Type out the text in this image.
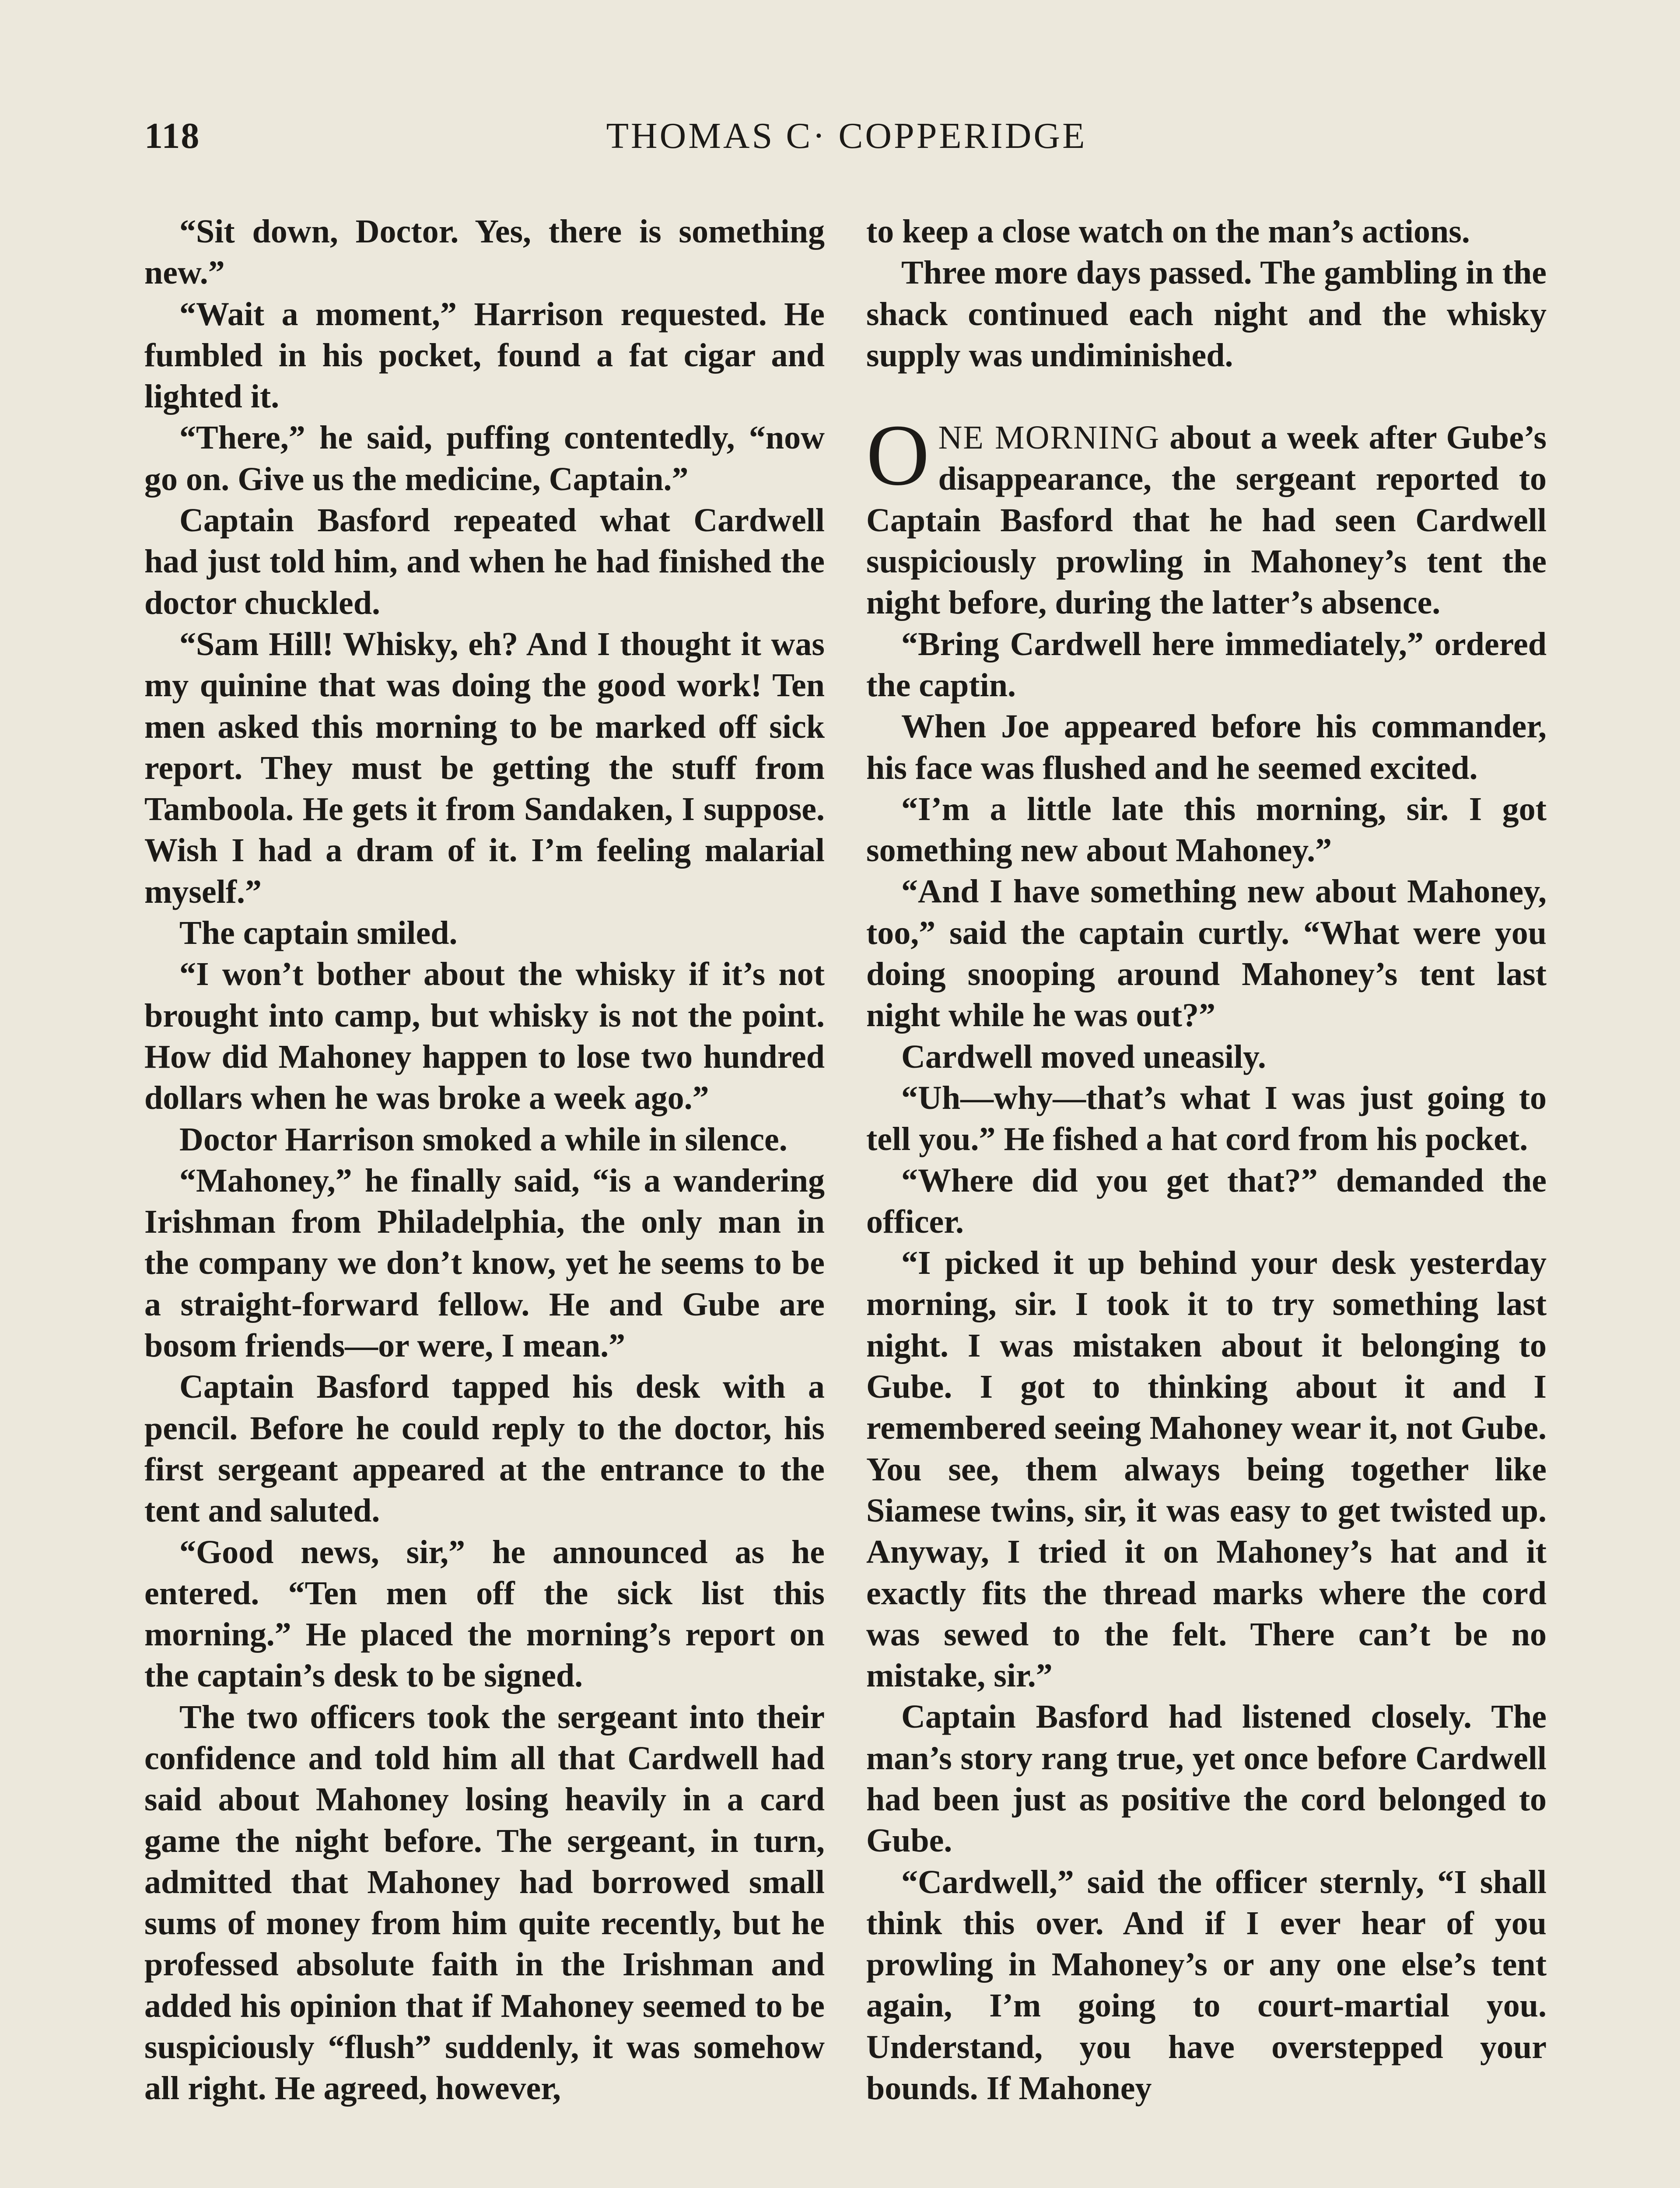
118	THOMAS C· COPPERIDGE

“Sit down, Doctor. Yes, there is something new.”

“Wait a moment,” Harrison requested. He fumbled in his pocket, found a fat cigar and lighted it.

“There,” he said, puffing contentedly, “now go on. Give us the medicine, Captain.”

Captain Basford repeated what Cardwell had just told him, and when he had finished the doctor chuckled.

“Sam Hill! Whisky, eh? And I thought it was my quinine that was doing the good work! Ten men asked this morning to be marked off sick report. They must be getting the stuff from Tamboola. He gets it from Sandaken, I suppose. Wish I had a dram of it. I’m feeling malarial myself.”

The captain smiled.

“I won’t bother about the whisky if it’s not brought into camp, but whisky is not the point. How did Mahoney happen to lose two hundred dollars when he was broke a week ago.”

Doctor Harrison smoked a while in silence.

“Mahoney,” he finally said, “is a wandering Irishman from Philadelphia, the only man in the company we don’t know, yet he seems to be a straight-forward fellow. He and Gube are bosom friends—or were, I mean.”

Captain Basford tapped his desk with a pencil. Before he could reply to the doctor, his first sergeant appeared at the entrance to the tent and saluted.

“Good news, sir,” he announced as he entered. “Ten men off the sick list this morning.” He placed the morning’s report on the captain’s desk to be signed.

The two officers took the sergeant into their confidence and told him all that Cardwell had said about Mahoney losing heavily in a card game the night before. The sergeant, in turn, admitted that Mahoney had borrowed small sums of money from him quite recently, but he professed absolute faith in the Irishman and added his opinion that if Mahoney seemed to be suspiciously “flush” suddenly, it was somehow all right. He agreed, however,

to keep a close watch on the man’s actions.

Three more days passed. The gambling in the shack continued each night and the whisky supply was undiminished.

ONE MORNING about a week after Gube’s disappearance, the sergeant reported to Captain Basford that he had seen Cardwell suspiciously prowling in Mahoney’s tent the night before, during the latter’s absence.

“Bring Cardwell here immediately,” ordered the captin.

When Joe appeared before his commander, his face was flushed and he seemed excited.

“I’m a little late this morning, sir. I got something new about Mahoney.”

“And I have something new about Mahoney, too,” said the captain curtly. “What were you doing snooping around Mahoney’s tent last night while he was out?”

Cardwell moved uneasily.

“Uh—why—that’s what I was just going to tell you.” He fished a hat cord from his pocket.

“Where did you get that?” demanded the officer.

“I picked it up behind your desk yesterday morning, sir. I took it to try something last night. I was mistaken about it belonging to Gube. I got to thinking about it and I remembered seeing Mahoney wear it, not Gube. You see, them always being together like Siamese twins, sir, it was easy to get twisted up. Anyway, I tried it on Mahoney’s hat and it exactly fits the thread marks where the cord was sewed to the felt. There can’t be no mistake, sir.”

Captain Basford had listened closely. The man’s story rang true, yet once before Cardwell had been just as positive the cord belonged to Gube.

“Cardwell,” said the officer sternly, “I shall think this over. And if I ever hear of you prowling in Mahoney’s or any one else’s tent again, I’m going to court-martial you. Understand, you have overstepped your bounds. If Mahoney
